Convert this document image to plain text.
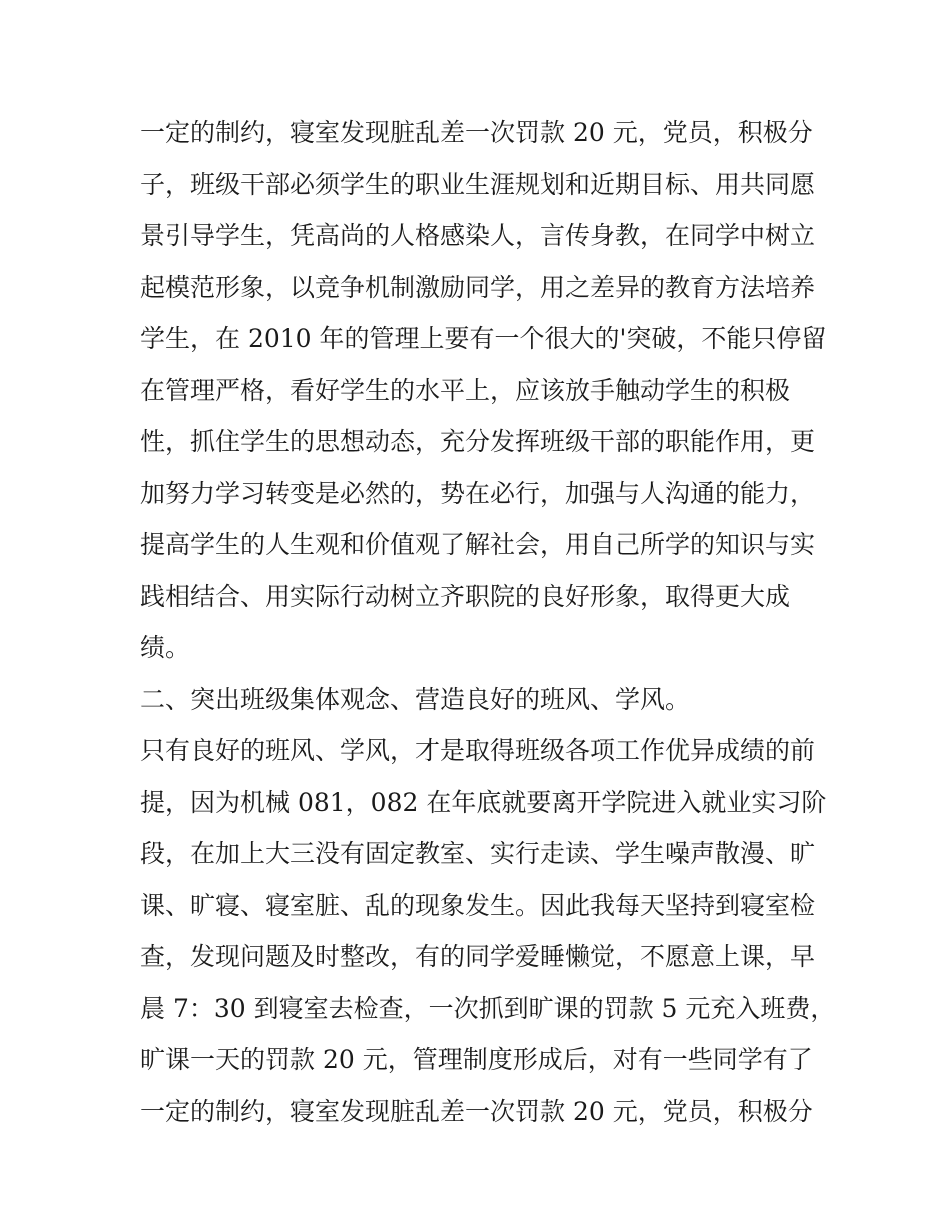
一定的制约，寝室发现脏乱差一次罚款 20 元，党员，积极分
子，班级干部必须学生的职业生涯规划和近期目标、用共同愿
景引导学生，凭高尚的人格感染人，言传身教，在同学中树立
起模范形象，以竞争机制激励同学，用之差异的教育方法培养
学生，在 2010 年的管理上要有一个很大的'突破，不能只停留
在管理严格，看好学生的水平上，应该放手触动学生的积极
性，抓住学生的思想动态，充分发挥班级干部的职能作用，更
加努力学习转变是必然的，势在必行，加强与人沟通的能力，
提高学生的人生观和价值观了解社会，用自己所学的知识与实
践相结合、用实际行动树立齐职院的良好形象，取得更大成
绩。
二、突出班级集体观念、营造良好的班风、学风。
只有良好的班风、学风，才是取得班级各项工作优异成绩的前
提，因为机械 081，082 在年底就要离开学院进入就业实习阶
段，在加上大三没有固定教室、实行走读、学生噪声散漫、旷
课、旷寝、寝室脏、乱的现象发生。因此我每天坚持到寝室检
查，发现问题及时整改，有的同学爱睡懒觉，不愿意上课，早
晨 7：30 到寝室去检查，一次抓到旷课的罚款 5 元充入班费，
旷课一天的罚款 20 元，管理制度形成后，对有一些同学有了
一定的制约，寝室发现脏乱差一次罚款 20 元，党员，积极分
